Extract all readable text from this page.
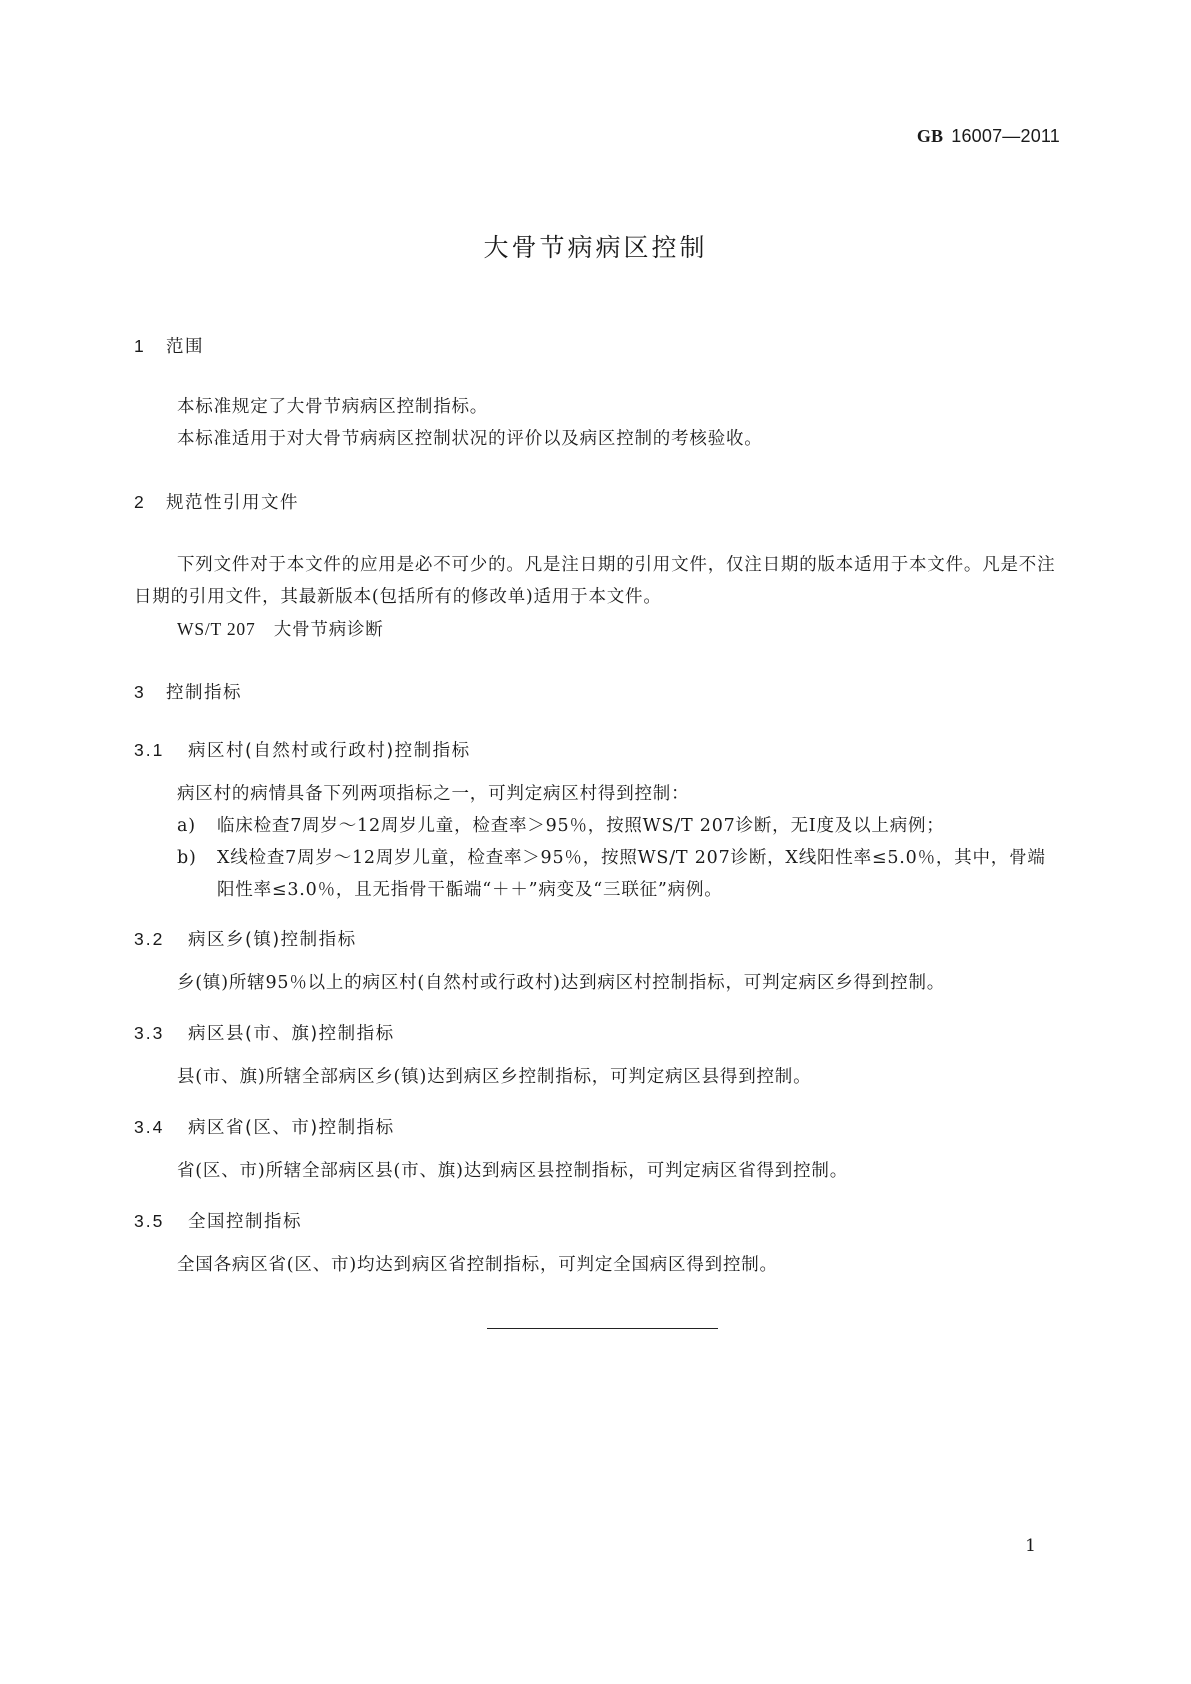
GB 16007—2011
大骨节病病区控制
1 范围
本标准规定了大骨节病病区控制指标。
本标准适用于对大骨节病病区控制状况的评价以及病区控制的考核验收。
2 规范性引用文件
下列文件对于本文件的应用是必不可少的。凡是注日期的引用文件，仅注日期的版本适用于本文件。凡是不注日期的引用文件，其最新版本(包括所有的修改单)适用于本文件。
WS/T 207　大骨节病诊断
3 控制指标
3.1 病区村(自然村或行政村)控制指标
病区村的病情具备下列两项指标之一，可判定病区村得到控制：
a) 临床检查7周岁～12周岁儿童，检查率＞95％，按照WS/T 207诊断，无Ⅰ度及以上病例；
b) X线检查7周岁～12周岁儿童，检查率＞95％，按照WS/T 207诊断，X线阳性率≤5.0％，其中，骨端阳性率≤3.0％，且无指骨干骺端“＋＋”病变及“三联征”病例。
3.2 病区乡(镇)控制指标
乡(镇)所辖95％以上的病区村(自然村或行政村)达到病区村控制指标，可判定病区乡得到控制。
3.3 病区县(市、旗)控制指标
县(市、旗)所辖全部病区乡(镇)达到病区乡控制指标，可判定病区县得到控制。
3.4 病区省(区、市)控制指标
省(区、市)所辖全部病区县(市、旗)达到病区县控制指标，可判定病区省得到控制。
3.5 全国控制指标
全国各病区省(区、市)均达到病区省控制指标，可判定全国病区得到控制。
1
